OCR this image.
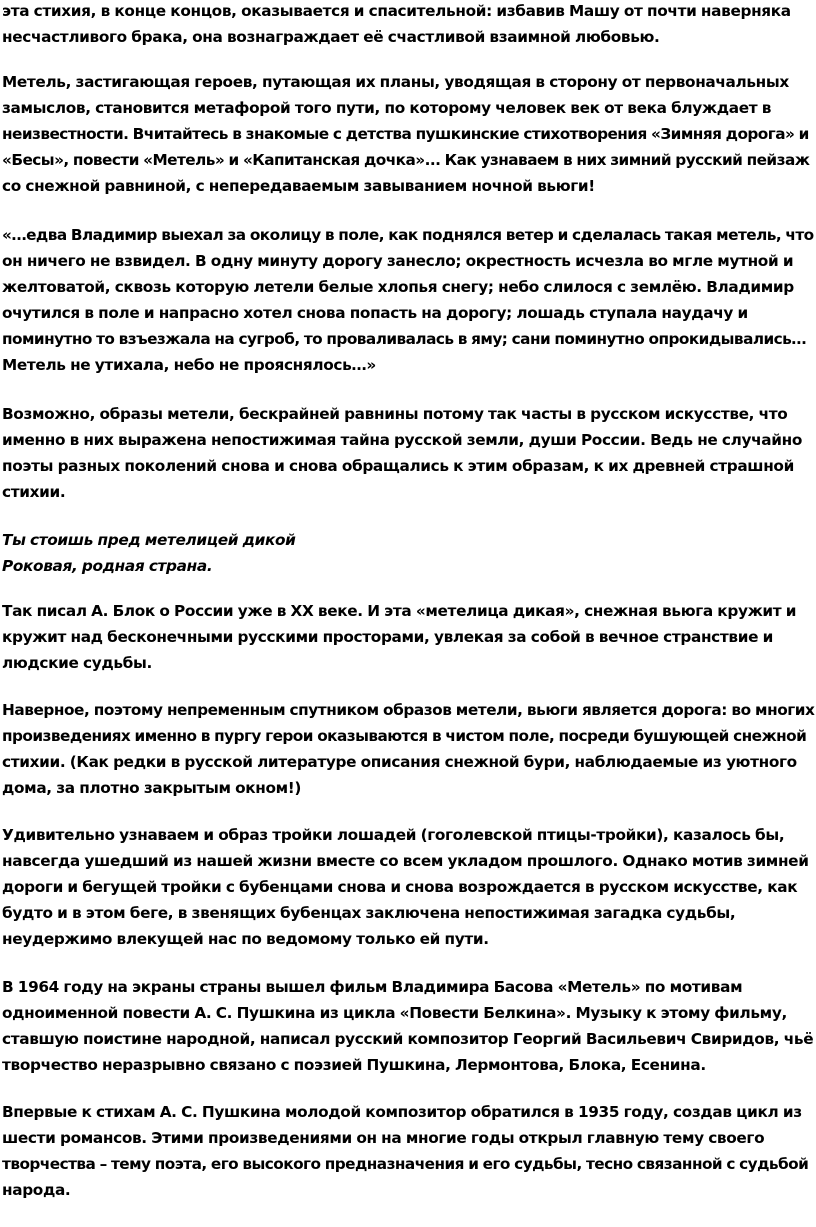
эта стихия, в конце концов, оказывается и спасительной: избавив Машу от почти наверняка
несчастливого брака, она вознаграждает её счастливой взаимной любовью.

Метель, застигающая героев, путающая их планы, уводящая в сторону от первоначальных
замыслов, становится метафорой того пути, по которому человек век от века блуждает в
неизвестности. Вчитайтесь в знакомые с детства пушкинские стихотворения «Зимняя дорога» и
«Бесы», повести «Метель» и «Капитанская дочка»... Как узнаваем в них зимний русский пейзаж
со снежной равниной, с непередаваемым завыванием ночной вьюги!

«…едва Владимир выехал за околицу в поле, как поднялся ветер и сделалась такая метель, что
он ничего не взвидел. В одну минуту дорогу занесло; окрестность исчезла во мгле мутной и
желтоватой, сквозь которую летели белые хлопья снегу; небо слилося с землёю. Владимир
очутился в поле и напрасно хотел снова попасть на дорогу; лошадь ступала наудачу и
поминутно то взъезжала на сугроб, то проваливалась в яму; сани поминутно опрокидывались…
Метель не утихала, небо не прояснялось…»

Возможно, образы метели, бескрайней равнины потому так часты в русском искусстве, что
именно в них выражена непостижимая тайна русской земли, души России. Ведь не случайно
поэты разных поколений снова и снова обращались к этим образам, к их древней страшной
стихии.

Ты стоишь пред метелицей дикой
Роковая, родная страна.

Так писал А. Блок о России уже в XX веке. И эта «метелица дикая», снежная вьюга кружит и
кружит над бесконечными русскими просторами, увлекая за собой в вечное странствие и
людские судьбы.

Наверное, поэтому непременным спутником образов метели, вьюги является дорога: во многих
произведениях именно в пургу герои оказываются в чистом поле, посреди бушующей снежной
стихии. (Как редки в русской литературе описания снежной бури, наблюдаемые из уютного
дома, за плотно закрытым окном!)

Удивительно узнаваем и образ тройки лошадей (гоголевской птицы-тройки), казалось бы,
навсегда ушедший из нашей жизни вместе со всем укладом прошлого. Однако мотив зимней
дороги и бегущей тройки с бубенцами снова и снова возрождается в русском искусстве, как
будто и в этом беге, в звенящих бубенцах заключена непостижимая загадка судьбы,
неудержимо влекущей нас по ведомому только ей пути.

В 1964 году на экраны страны вышел фильм Владимира Басова «Метель» по мотивам
одноименной повести А. С. Пушкина из цикла «Повести Белкина». Музыку к этому фильму,
ставшую поистине народной, написал русский композитор Георгий Васильевич Свиридов, чьё
творчество неразрывно связано с поэзией Пушкина, Лермонтова, Блока, Есенина.

Впервые к стихам А. С. Пушкина молодой композитор обратился в 1935 году, создав цикл из
шести романсов. Этими произведениями он на многие годы открыл главную тему своего
творчества – тему поэта, его высокого предназначения и его судьбы, тесно связанной с судьбой
народа.
